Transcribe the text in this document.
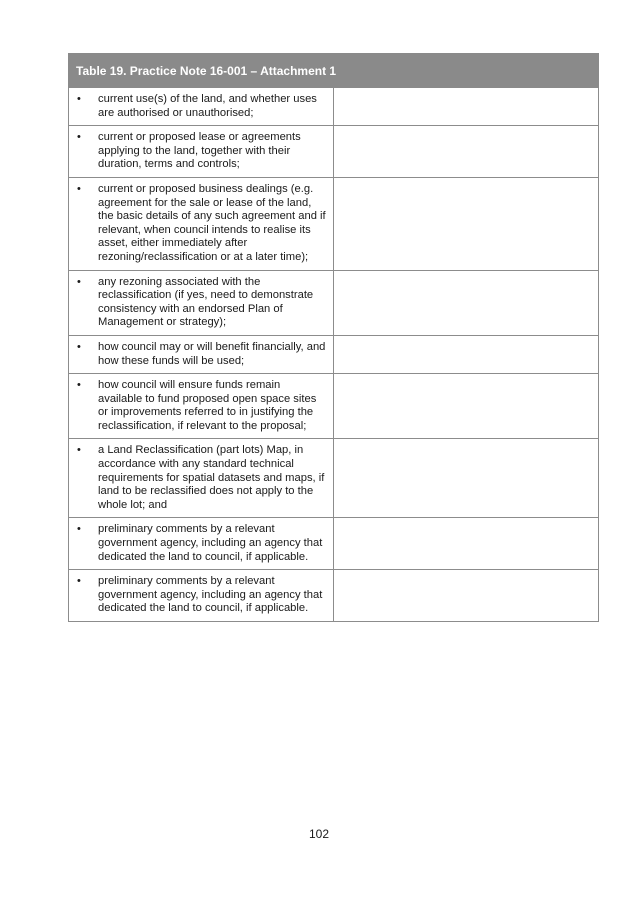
Table 19. Practice Note 16-001 – Attachment 1	

• current use(s) of the land, and whether uses are authorised or unauthorised;	

• current or proposed lease or agreements applying to the land, together with their duration, terms and controls;	

• current or proposed business dealings (e.g. agreement for the sale or lease of the land, the basic details of any such agreement and if relevant, when council intends to realise its asset, either immediately after rezoning/reclassification or at a later time);	

• any rezoning associated with the reclassification (if yes, need to demonstrate consistency with an endorsed Plan of Management or strategy);	

• how council may or will benefit financially, and how these funds will be used;	

• how council will ensure funds remain available to fund proposed open space sites or improvements referred to in justifying the reclassification, if relevant to the proposal;	

• a Land Reclassification (part lots) Map, in accordance with any standard technical requirements for spatial datasets and maps, if land to be reclassified does not apply to the whole lot; and	

• preliminary comments by a relevant government agency, including an agency that dedicated the land to council, if applicable.	

• preliminary comments by a relevant government agency, including an agency that dedicated the land to council, if applicable.	

102
